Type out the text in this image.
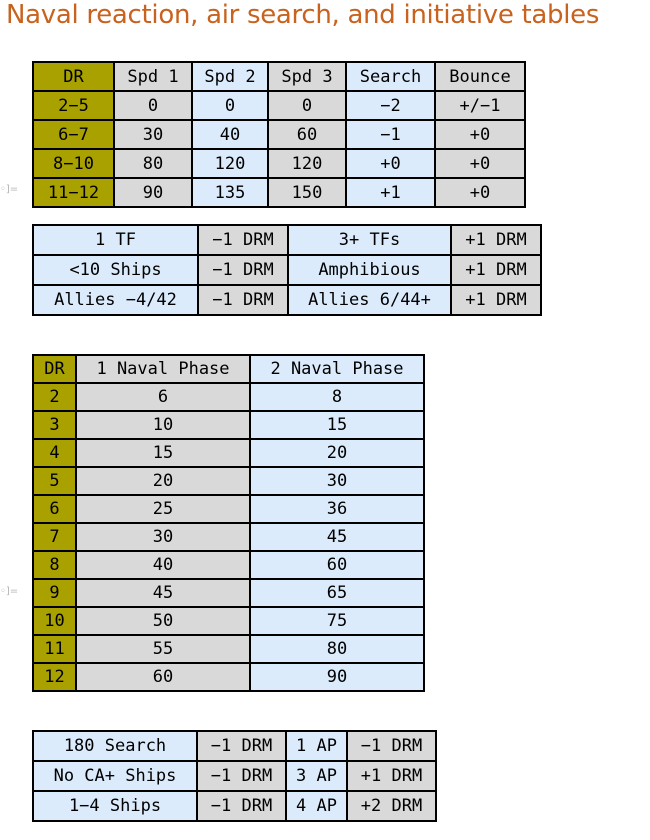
Naval reaction, air search, and initiative tables
◦]=
◦]=
DR	Spd 1	Spd 2	Spd 3	Search	Bounce
2−5	0	0	0	−2	+/−1
6−7	30	40	60	−1	+0
8−10	80	120	120	+0	+0
11−12	90	135	150	+1	+0
1 TF	−1 DRM	3+ TFs	+1 DRM
<10 Ships	−1 DRM	Amphibious	+1 DRM
Allies −4/42	−1 DRM	Allies 6/44+	+1 DRM
DR	1 Naval Phase	2 Naval Phase
2	6	8
3	10	15
4	15	20
5	20	30
6	25	36
7	30	45
8	40	60
9	45	65
10	50	75
11	55	80
12	60	90
180 Search	−1 DRM	1 AP	−1 DRM
No CA+ Ships	−1 DRM	3 AP	+1 DRM
1−4 Ships	−1 DRM	4 AP	+2 DRM
